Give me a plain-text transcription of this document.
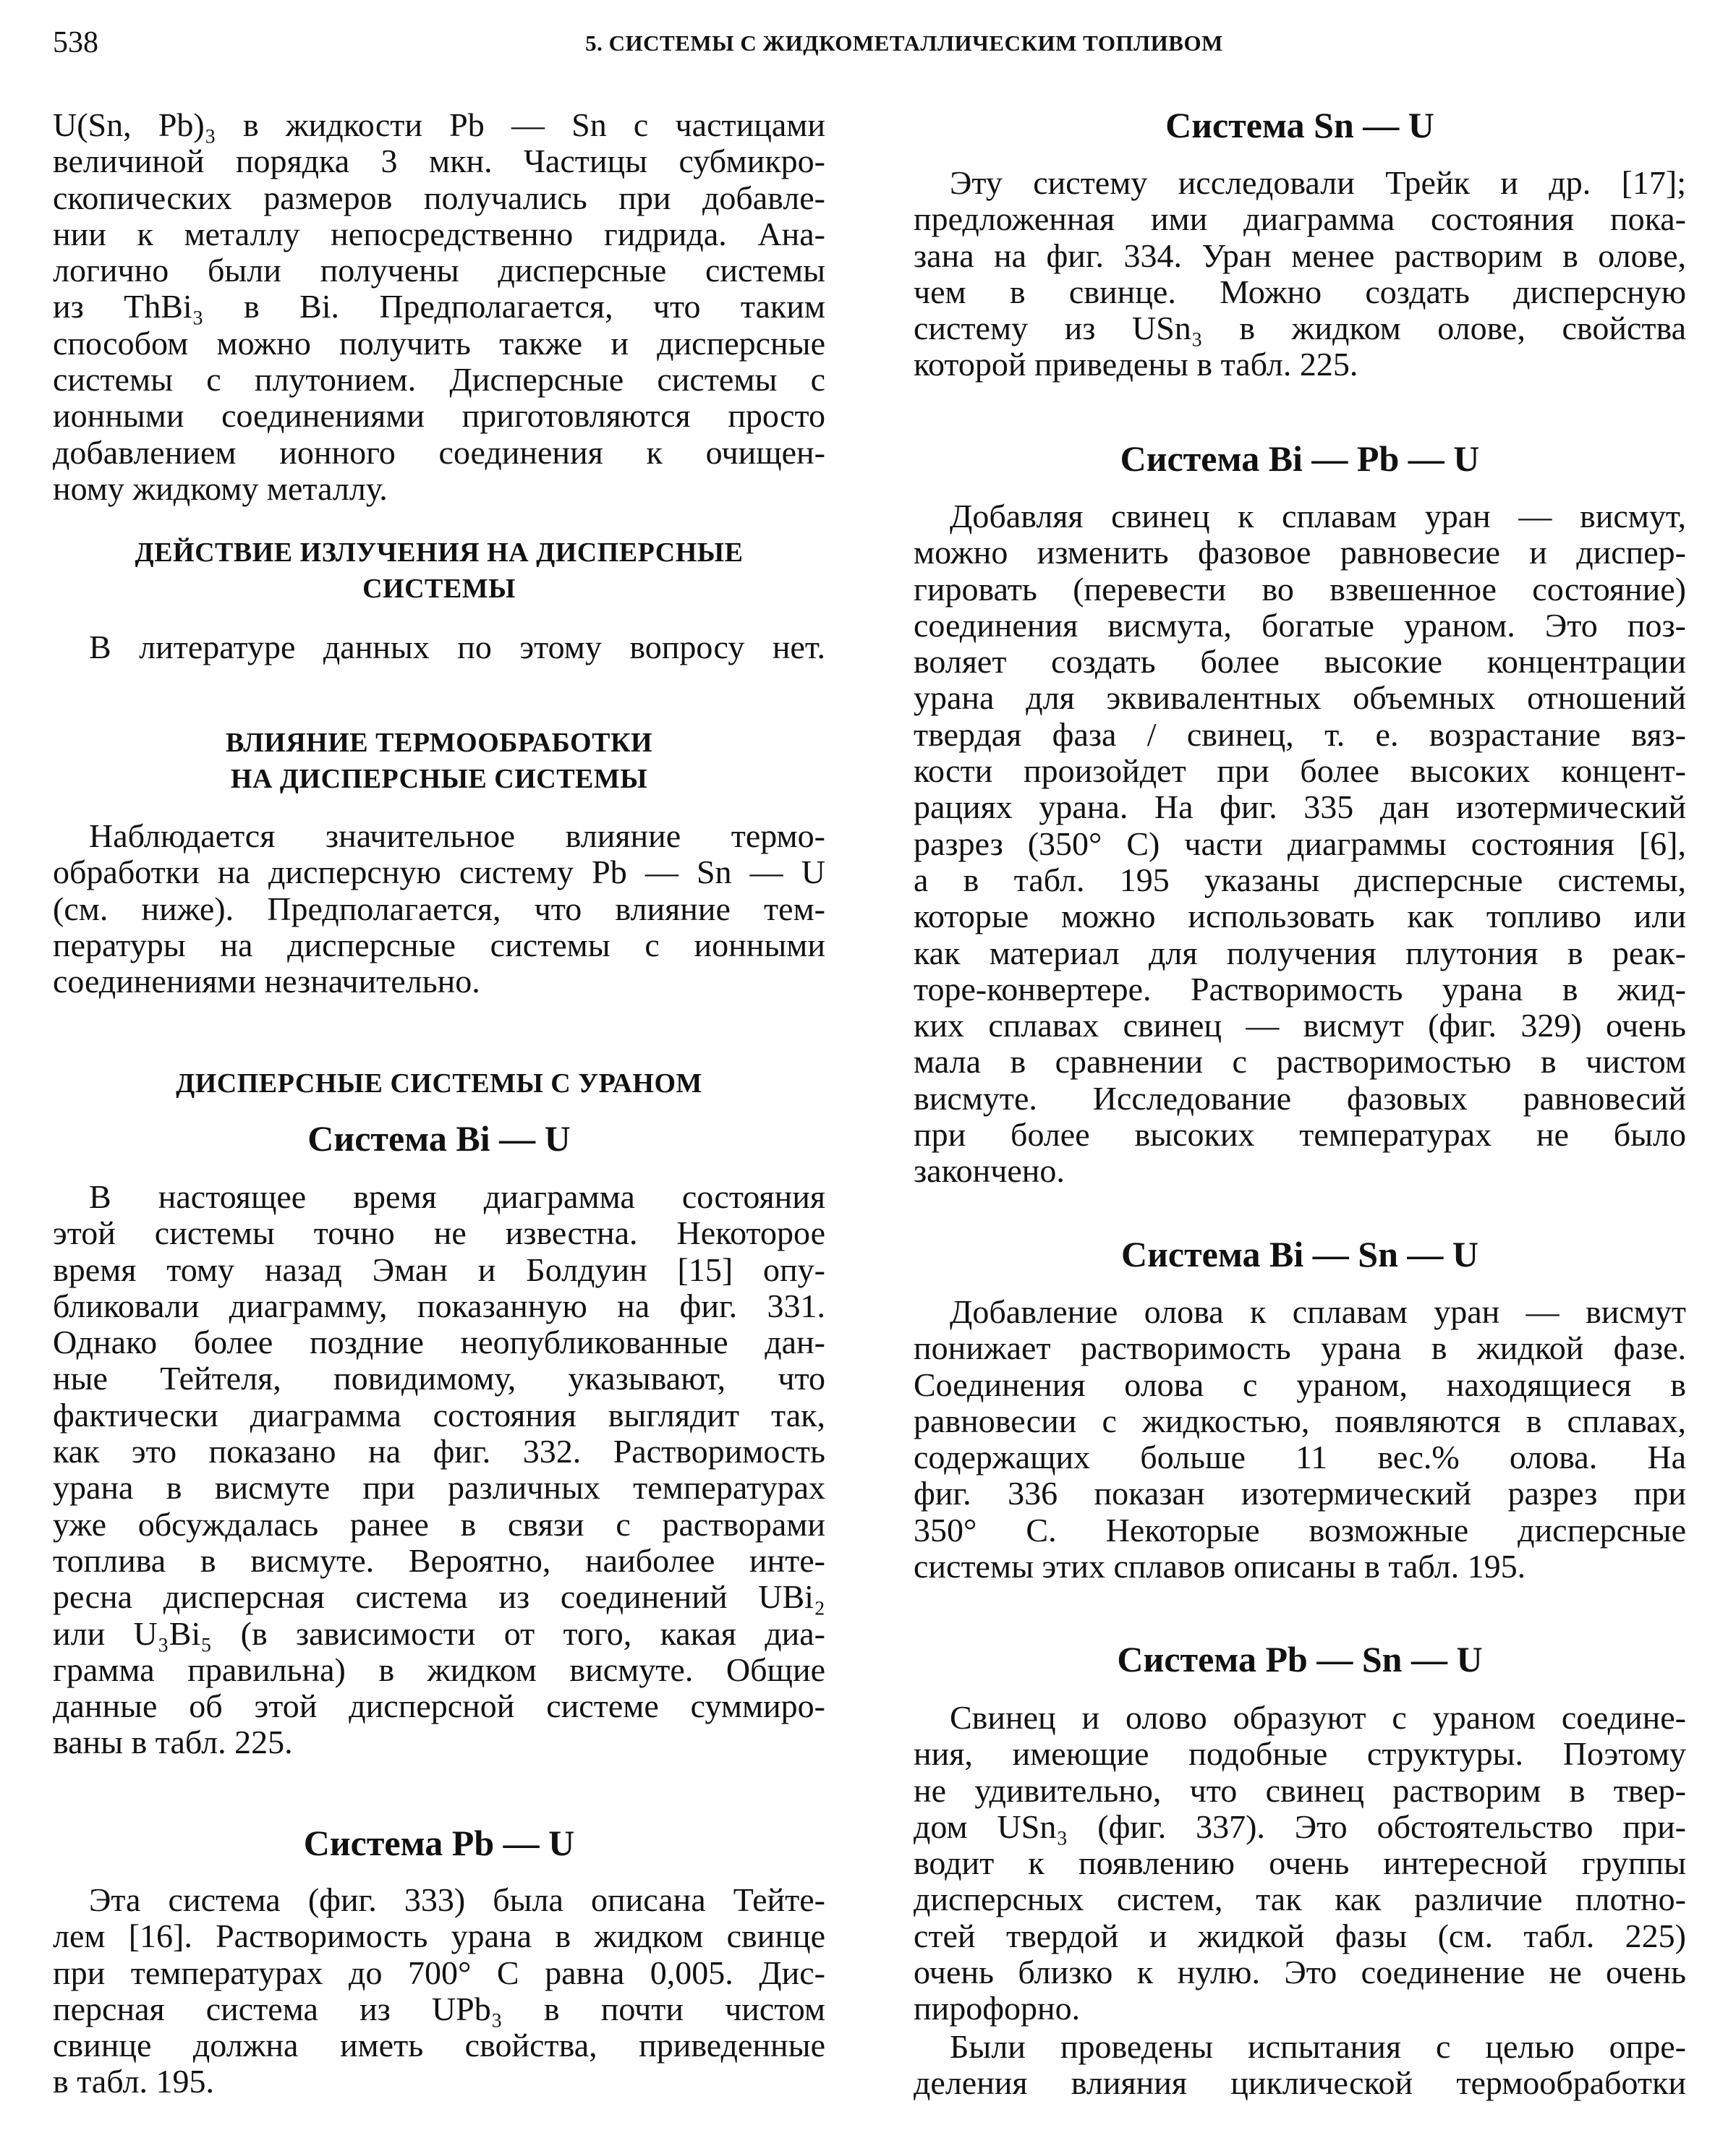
538	5. СИСТЕМЫ С ЖИДКОМЕТАЛЛИЧЕСКИМ ТОПЛИВОМ
U(Sn, Pb)₃ в жидкости Pb — Sn с частицами
величиной порядка 3 мкн. Частицы субмикро-
скопических размеров получались при добавле-
нии к металлу непосредственно гидрида. Ана-
логично были получены дисперсные системы
из ThBi₃ в Bi. Предполагается, что таким
способом можно получить также и дисперсные
системы с плутонием. Дисперсные системы с
ионными соединениями приготовляются просто
добавлением ионного соединения к очищен-
ному жидкому металлу.
ДЕЙСТВИЕ ИЗЛУЧЕНИЯ НА ДИСПЕРСНЫЕ
СИСТЕМЫ
В литературе данных по этому вопросу нет.
ВЛИЯНИЕ ТЕРМООБРАБОТКИ
НА ДИСПЕРСНЫЕ СИСТЕМЫ
Наблюдается значительное влияние термо-
обработки на дисперсную систему Pb — Sn — U
(см. ниже). Предполагается, что влияние тем-
пературы на дисперсные системы с ионными
соединениями незначительно.
ДИСПЕРСНЫЕ СИСТЕМЫ С УРАНОМ
Система Bi — U
В настоящее время диаграмма состояния
этой системы точно не известна. Некоторое
время тому назад Эман и Болдуин [15] опу-
бликовали диаграмму, показанную на фиг. 331.
Однако более поздние неопубликованные дан-
ные Тейтеля, повидимому, указывают, что
фактически диаграмма состояния выглядит так,
как это показано на фиг. 332. Растворимость
урана в висмуте при различных температурах
уже обсуждалась ранее в связи с растворами
топлива в висмуте. Вероятно, наиболее инте-
ресна дисперсная система из соединений UBi₂
или U₃Bi₅ (в зависимости от того, какая диа-
грамма правильна) в жидком висмуте. Общие
данные об этой дисперсной системе суммиро-
ваны в табл. 225.
Система Pb — U
Эта система (фиг. 333) была описана Тейте-
лем [16]. Растворимость урана в жидком свинце
при температурах до 700° С равна 0,005. Дис-
персная система из UPb₃ в почти чистом
свинце должна иметь свойства, приведенные
в табл. 195.
Система Sn — U
Эту систему исследовали Трейк и др. [17];
предложенная ими диаграмма состояния пока-
зана на фиг. 334. Уран менее растворим в олове,
чем в свинце. Можно создать дисперсную
систему из USn₃ в жидком олове, свойства
которой приведены в табл. 225.
Система Bi — Pb — U
Добавляя свинец к сплавам уран — висмут,
можно изменить фазовое равновесие и диспер-
гировать (перевести во взвешенное состояние)
соединения висмута, богатые ураном. Это поз-
воляет создать более высокие концентрации
урана для эквивалентных объемных отношений
твердая фаза / свинец, т. е. возрастание вяз-
кости произойдет при более высоких концент-
рациях урана. На фиг. 335 дан изотермический
разрез (350° С) части диаграммы состояния [6],
а в табл. 195 указаны дисперсные системы,
которые можно использовать как топливо или
как материал для получения плутония в реак-
торе-конвертере. Растворимость урана в жид-
ких сплавах свинец — висмут (фиг. 329) очень
мала в сравнении с растворимостью в чистом
висмуте. Исследование фазовых равновесий
при более высоких температурах не было
закончено.
Система Bi — Sn — U
Добавление олова к сплавам уран — висмут
понижает растворимость урана в жидкой фазе.
Соединения олова с ураном, находящиеся в
равновесии с жидкостью, появляются в сплавах,
содержащих больше 11 вес.% олова. На
фиг. 336 показан изотермический разрез при
350° С. Некоторые возможные дисперсные
системы этих сплавов описаны в табл. 195.
Система Pb — Sn — U
Свинец и олово образуют с ураном соедине-
ния, имеющие подобные структуры. Поэтому
не удивительно, что свинец растворим в твер-
дом USn₃ (фиг. 337). Это обстоятельство при-
водит к появлению очень интересной группы
дисперсных систем, так как различие плотно-
стей твердой и жидкой фазы (см. табл. 225)
очень близко к нулю. Это соединение не очень
пирофорно.
Были проведены испытания с целью опре-
деления влияния циклической термообработки
